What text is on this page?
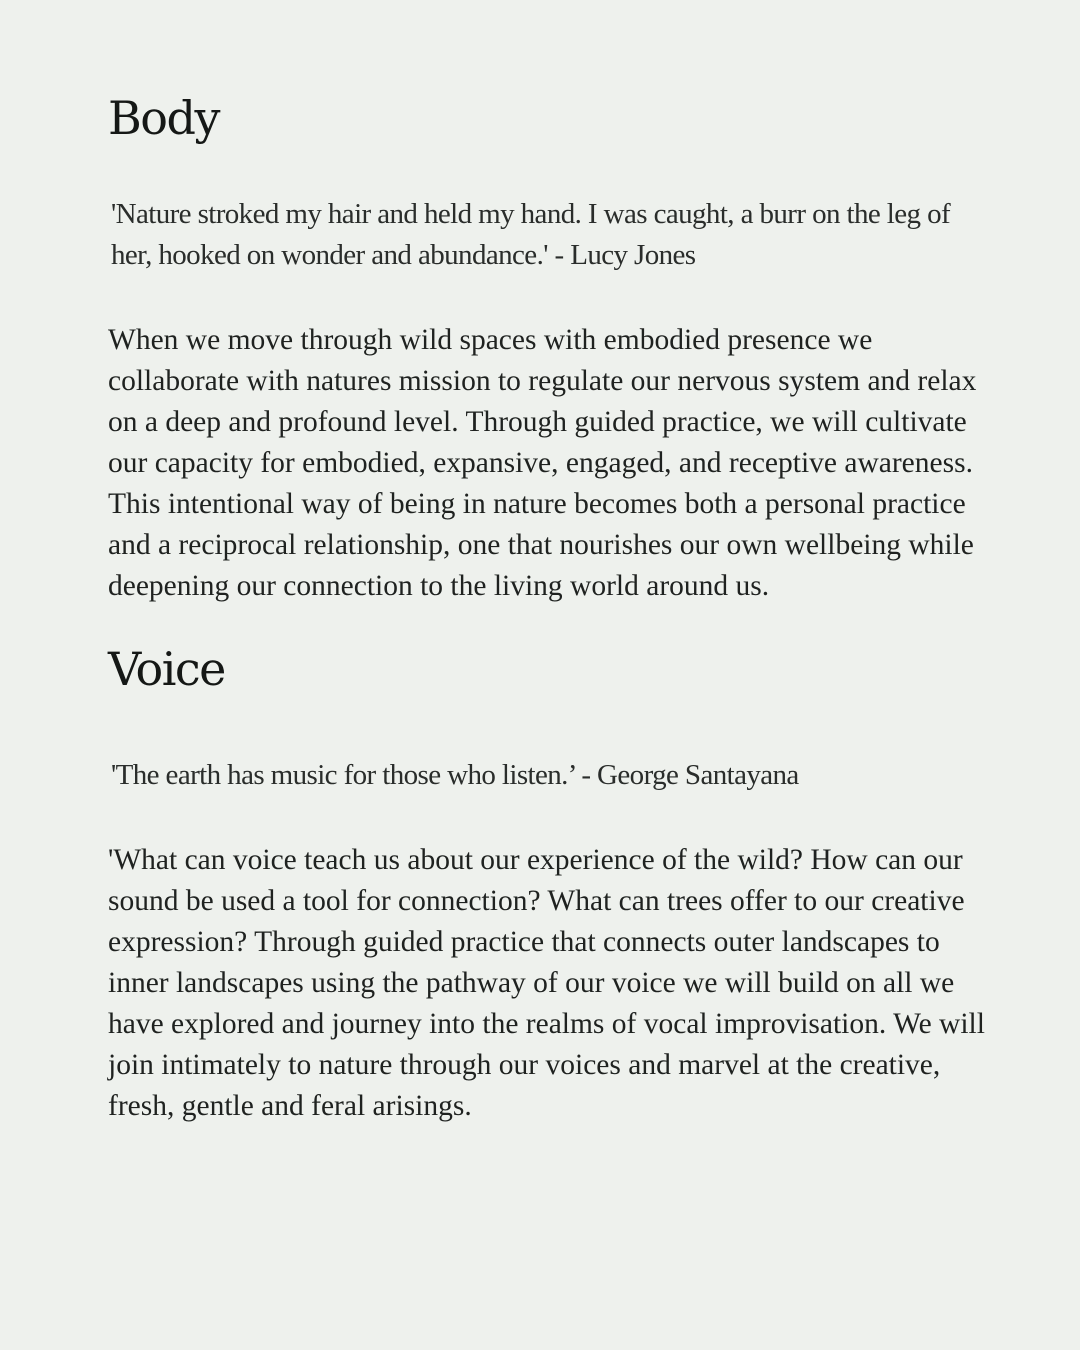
Body

'Nature stroked my hair and held my hand. I was caught, a burr on the leg of her, hooked on wonder and abundance.' - Lucy Jones

When we move through wild spaces with embodied presence we collaborate with natures mission to regulate our nervous system and relax on a deep and profound level. Through guided practice, we will cultivate our capacity for embodied, expansive, engaged, and receptive awareness. This intentional way of being in nature becomes both a personal practice and a reciprocal relationship, one that nourishes our own wellbeing while deepening our connection to the living world around us.

Voice

'The earth has music for those who listen.’ - George Santayana

'What can voice teach us about our experience of the wild? How can our sound be used a tool for connection? What can trees offer to our creative expression? Through guided practice that connects outer landscapes to inner landscapes using the pathway of our voice we will build on all we have explored and journey into the realms of vocal improvisation. We will join intimately to nature through our voices and marvel at the creative, fresh, gentle and feral arisings.
